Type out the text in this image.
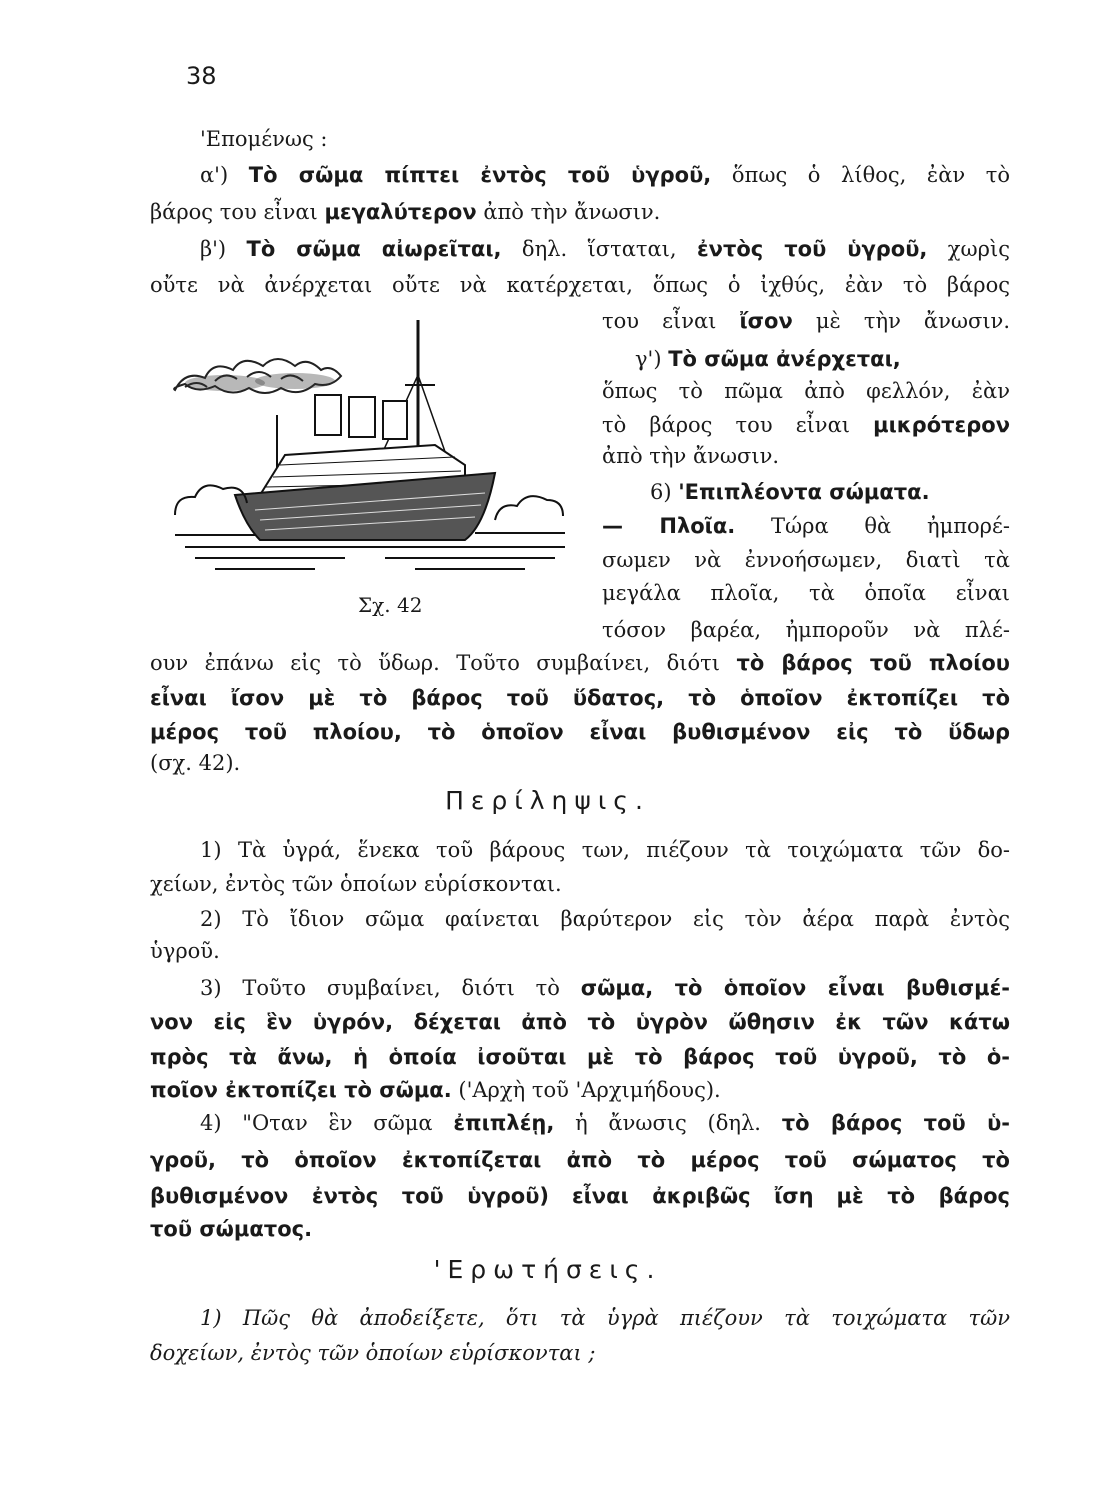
38
'Επομένως :
α') Τὸ σῶμα πίπτει ἐντὸς τοῦ ὑγροῦ, ὅπως ὁ λίθος, ἐὰν τὸ
βάρος του εἶναι μεγαλύτερον ἀπὸ τὴν ἄνωσιν.
β') Τὸ σῶμα αἰωρεῖται, δηλ. ἵσταται, ἐντὸς τοῦ ὑγροῦ, χωρὶς
οὔτε νὰ ἀνέρχεται οὔτε νὰ κατέρχεται, ὅπως ὁ ἰχθύς, ἐὰν τὸ βάρος
του εἶναι ἴσον μὲ τὴν ἄνωσιν.
γ') Τὸ σῶμα ἀνέρχεται,
ὅπως τὸ πῶμα ἀπὸ φελλόν, ἐὰν
τὸ βάρος του εἶναι μικρότερον
ἀπὸ τὴν ἄνωσιν.
6) 'Επιπλέοντα σώματα.
— Πλοῖα. Τώρα θὰ ἠμπορέ-
σωμεν νὰ ἐννοήσωμεν, διατὶ τὰ
μεγάλα πλοῖα, τὰ ὁποῖα εἶναι
τόσον βαρέα, ἠμποροῦν νὰ πλέ-
ουν ἐπάνω εἰς τὸ ὕδωρ. Τοῦτο συμβαίνει, διότι τὸ βάρος τοῦ πλοίου
εἶναι ἴσον μὲ τὸ βάρος τοῦ ὕδατος, τὸ ὁποῖον ἐκτοπίζει τὸ
μέρος τοῦ πλοίου, τὸ ὁποῖον εἶναι βυθισμένον εἰς τὸ ὕδωρ
(σχ. 42).
Σχ. 42
Περίληψις.
1) Τὰ ὑγρά, ἕνεκα τοῦ βάρους των, πιέζουν τὰ τοιχώματα τῶν δο-
χείων, ἐντὸς τῶν ὁποίων εὑρίσκονται.
2) Τὸ ἴδιον σῶμα φαίνεται βαρύτερον εἰς τὸν ἀέρα παρὰ ἐντὸς
ὑγροῦ.
3) Τοῦτο συμβαίνει, διότι τὸ σῶμα, τὸ ὁποῖον εἶναι βυθισμέ-
νον εἰς ἓν ὑγρόν, δέχεται ἀπὸ τὸ ὑγρὸν ὤθησιν ἐκ τῶν κάτω
πρὸς τὰ ἄνω, ἡ ὁποία ἰσοῦται μὲ τὸ βάρος τοῦ ὑγροῦ, τὸ ὁ-
ποῖον ἐκτοπίζει τὸ σῶμα. ('Αρχὴ τοῦ 'Αρχιμήδους).
4) "Οταν ἓν σῶμα ἐπιπλέῃ, ἡ ἄνωσις (δηλ. τὸ βάρος τοῦ ὑ-
γροῦ, τὸ ὁποῖον ἐκτοπίζεται ἀπὸ τὸ μέρος τοῦ σώματος τὸ
βυθισμένον ἐντὸς τοῦ ὑγροῦ) εἶναι ἀκριβῶς ἴση μὲ τὸ βάρος
τοῦ σώματος.
'Ερωτήσεις.
1) Πῶς θὰ ἀποδείξετε, ὅτι τὰ ὑγρὰ πιέζουν τὰ τοιχώματα τῶν
δοχείων, ἐντὸς τῶν ὁποίων εὑρίσκονται ;
